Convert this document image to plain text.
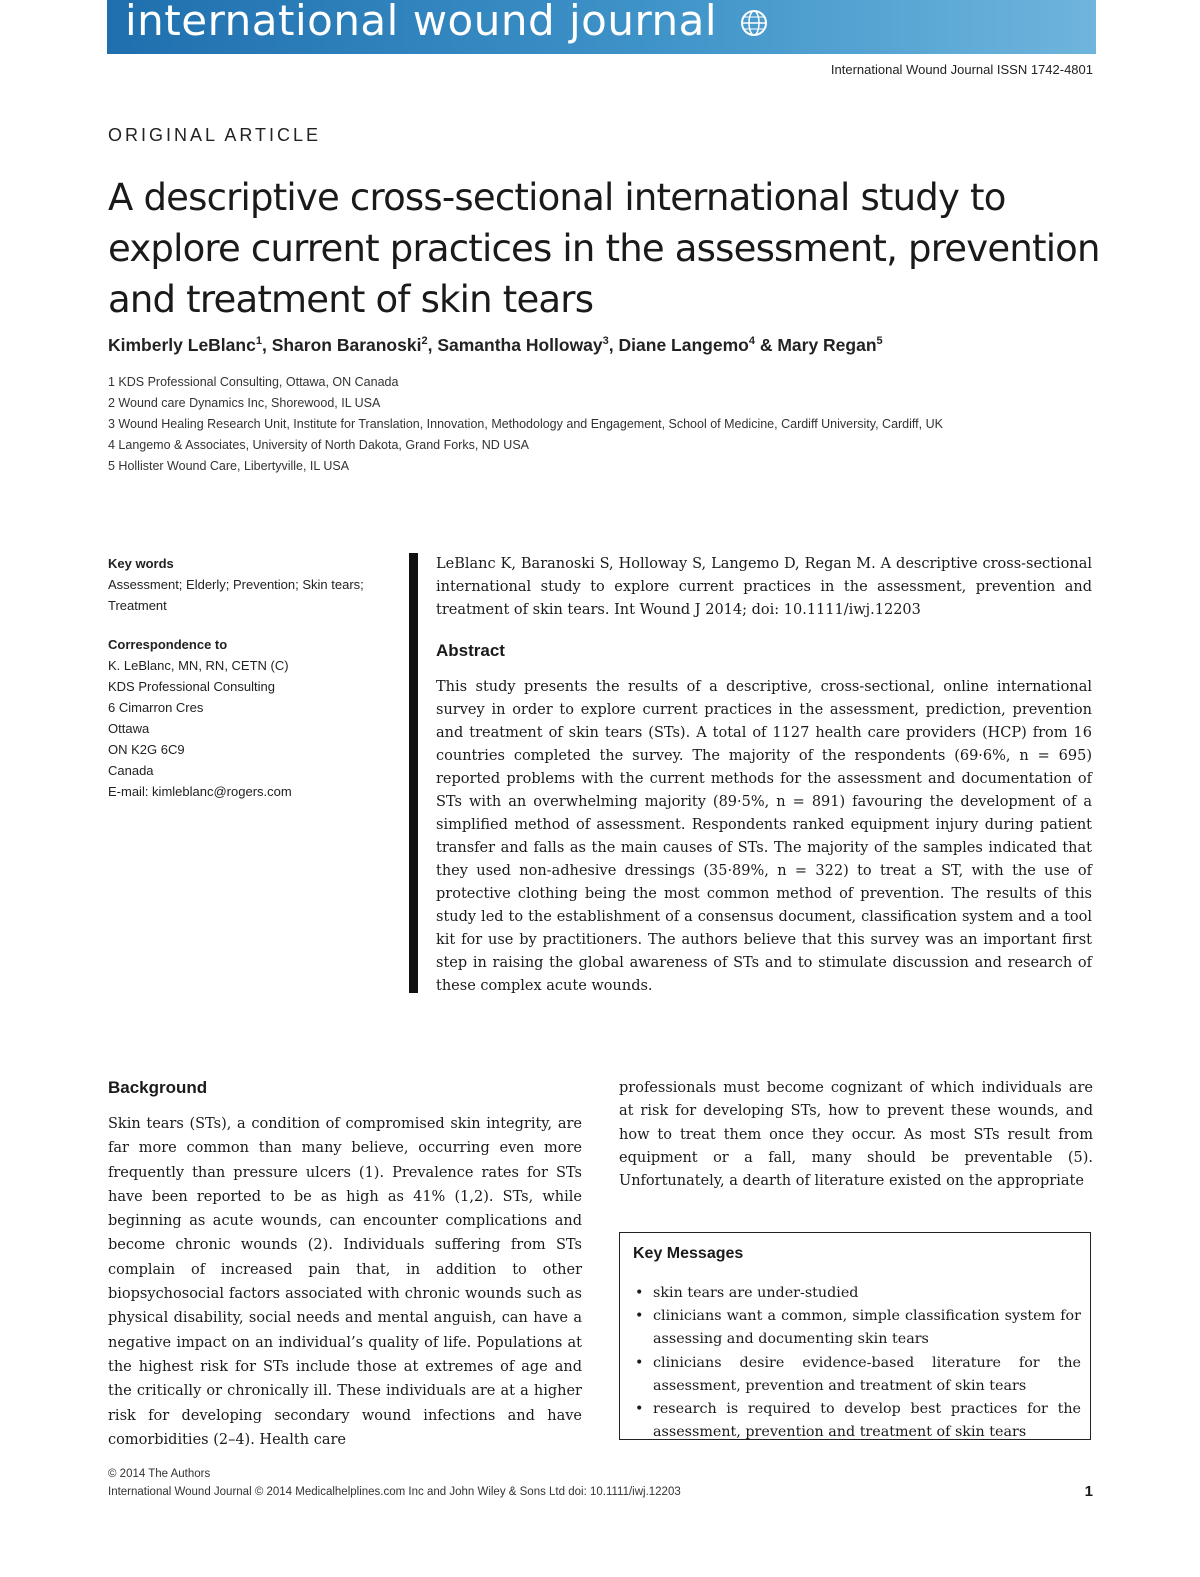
international wound journal
International Wound Journal ISSN 1742-4801
ORIGINAL ARTICLE
A descriptive cross-sectional international study to explore current practices in the assessment, prevention and treatment of skin tears
Kimberly LeBlanc$^1$, Sharon Baranoski$^2$, Samantha Holloway$^3$, Diane Langemo$^4$ & Mary Regan$^5$
1 KDS Professional Consulting, Ottawa, ON Canada
2 Wound care Dynamics Inc, Shorewood, IL USA
3 Wound Healing Research Unit, Institute for Translation, Innovation, Methodology and Engagement, School of Medicine, Cardiff University, Cardiff, UK
4 Langemo & Associates, University of North Dakota, Grand Forks, ND USA
5 Hollister Wound Care, Libertyville, IL USA
Key words
Assessment; Elderly; Prevention; Skin tears; Treatment
Correspondence to
K. LeBlanc, MN, RN, CETN (C)
KDS Professional Consulting
6 Cimarron Cres
Ottawa
ON K2G 6C9
Canada
E-mail: kimlebl​anc@rogers.com
LeBlanc K, Baranoski S, Holloway S, Langemo D, Regan M. A descriptive cross-sectional international study to explore current practices in the assessment, prevention and treatment of skin tears. Int Wound J 2014; doi: 10.1111/iwj.12203
Abstract
This study presents the results of a descriptive, cross-sectional, online international survey in order to explore current practices in the assessment, prediction, prevention and treatment of skin tears (STs). A total of 1127 health care providers (HCP) from 16 countries completed the survey. The majority of the respondents (69·6%, n = 695) reported problems with the current methods for the assessment and documentation of STs with an overwhelming majority (89·5%, n = 891) favouring the development of a simplified method of assessment. Respondents ranked equipment injury during patient transfer and falls as the main causes of STs. The majority of the samples indicated that they used non-adhesive dressings (35·89%, n = 322) to treat a ST, with the use of protective clothing being the most common method of prevention. The results of this study led to the establishment of a consensus document, classification system and a tool kit for use by practitioners. The authors believe that this survey was an important first step in raising the global awareness of STs and to stimulate discussion and research of these complex acute wounds.
Background
Skin tears (STs), a condition of compromised skin integrity, are far more common than many believe, occurring even more frequently than pressure ulcers (1). Prevalence rates for STs have been reported to be as high as 41% (1,2). STs, while beginning as acute wounds, can encounter complications and become chronic wounds (2). Individuals suffering from STs complain of increased pain that, in addition to other biopsychosocial factors associated with chronic wounds such as physical disability, social needs and mental anguish, can have a negative impact on an individual’s quality of life. Populations at the highest risk for STs include those at extremes of age and the critically or chronically ill. These individuals are at a higher risk for developing secondary wound infections and have comorbidities (2–4). Health care
professionals must become cognizant of which individuals are at risk for developing STs, how to prevent these wounds, and how to treat them once they occur. As most STs result from equipment or a fall, many should be preventable (5). Unfortunately, a dearth of literature existed on the appropriate
Key Messages
• skin tears are under-studied
• clinicians want a common, simple classification system for assessing and documenting skin tears
• clinicians desire evidence-based literature for the assessment, prevention and treatment of skin tears
• research is required to develop best practices for the assessment, prevention and treatment of skin tears
© 2014 The Authors
International Wound Journal © 2014 Medicalhelplines.com Inc and John Wiley & Sons Ltd doi: 10.1111/iwj.12203	1
